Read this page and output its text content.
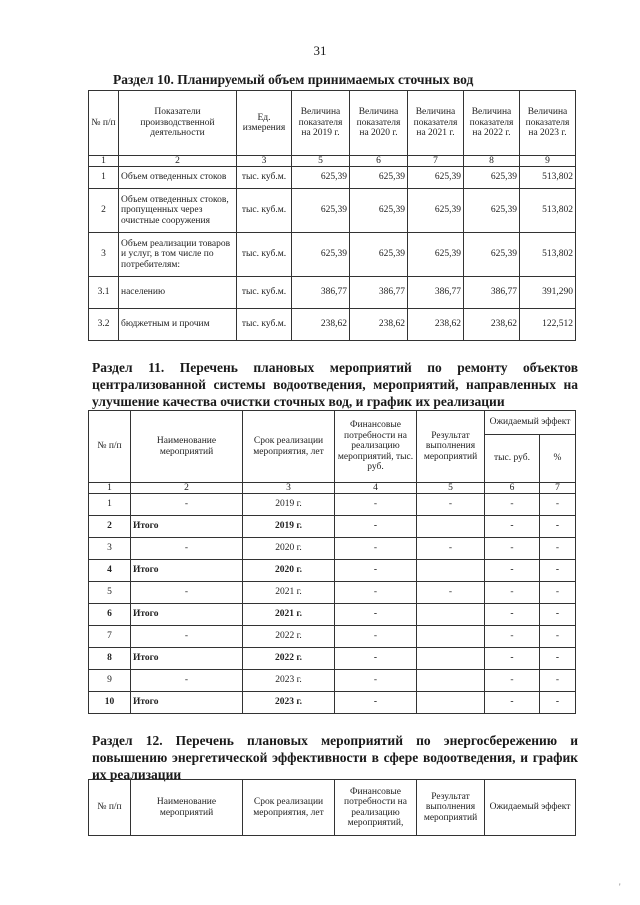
31
Раздел 10. Планируемый объем принимаемых сточных вод
№ п/п	Показатели производственной деятельности	Ед. измерения	Величина показателя на 2019 г.	Величина показателя на 2020 г.	Величина показателя на 2021 г.	Величина показателя на 2022 г.	Величина показателя на 2023 г.
1	2	3	5	6	7	8	9
1	Объем отведенных стоков	тыс. куб.м.	625,39	625,39	625,39	625,39	513,802
2	Объем отведенных стоков, пропущенных через очистные сооружения	тыс. куб.м.	625,39	625,39	625,39	625,39	513,802
3	Объем реализации товаров и услуг, в том числе по потребителям:	тыс. куб.м.	625,39	625,39	625,39	625,39	513,802
3.1	населению	тыс. куб.м.	386,77	386,77	386,77	386,77	391,290
3.2	бюджетным и прочим	тыс. куб.м.	238,62	238,62	238,62	238,62	122,512
Раздел 11. Перечень плановых мероприятий по ремонту объектов централизованной системы водоотведения, мероприятий, направленных на улучшение качества очистки сточных вод, и график их реализации
№ п/п	Наименование мероприятий	Срок реализации мероприятия, лет	Финансовые потребности на реализацию мероприятий, тыс. руб.	Результат выполнения мероприятий	Ожидаемый эффект	
					тыс. руб.	%
1	2	3	4	5	6	7
1	-	2019 г.	-	-	-	-
2	Итого	2019 г.	-		-	-
3	-	2020 г.	-	-	-	-
4	Итого	2020 г.	-		-	-
5	-	2021 г.	-	-	-	-
6	Итого	2021 г.	-		-	-
7	-	2022 г.	-		-	-
8	Итого	2022 г.	-		-	-
9	-	2023 г.	-		-	-
10	Итого	2023 г.	-		-	-
Раздел 12. Перечень плановых мероприятий по энергосбережению и повышению энергетической эффективности в сфере водоотведения, и график их реализации
№ п/п	Наименование мероприятий	Срок реализации мероприятия, лет	Финансовые потребности на реализацию мероприятий,	Результат выполнения мероприятий	Ожидаемый эффект
'
